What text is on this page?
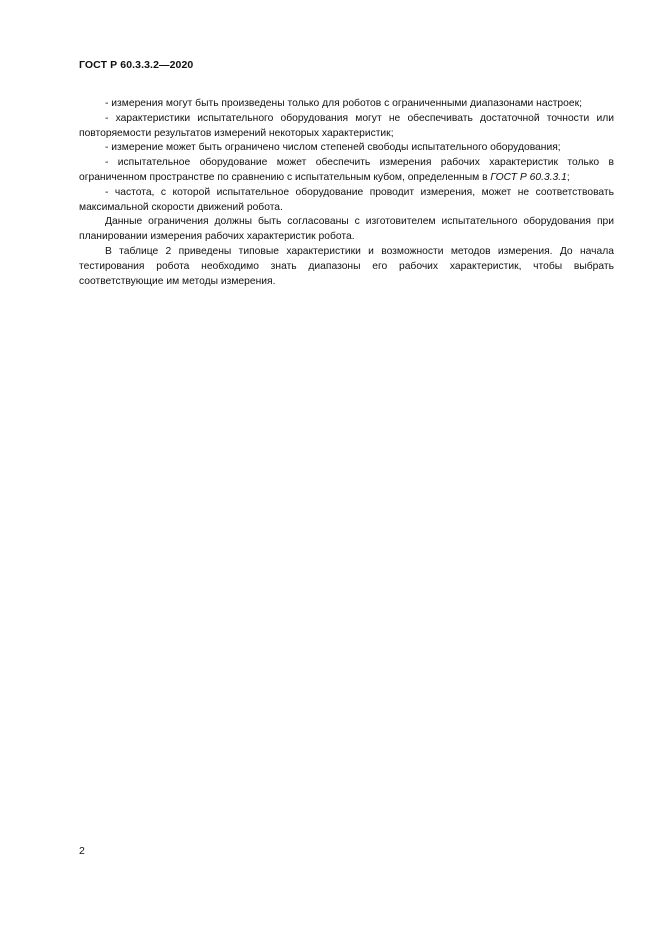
ГОСТ Р 60.3.3.2—2020

- измерения могут быть произведены только для роботов с ограниченными диапазонами настроек;

- характеристики испытательного оборудования могут не обеспечивать достаточной точности или повторяемости результатов измерений некоторых характеристик;

- измерение может быть ограничено числом степеней свободы испытательного оборудования;

- испытательное оборудование может обеспечить измерения рабочих характеристик только в ограниченном пространстве по сравнению с испытательным кубом, определенным в ГОСТ Р 60.3.3.1;

- частота, с которой испытательное оборудование проводит измерения, может не соответствовать максимальной скорости движений робота.

Данные ограничения должны быть согласованы с изготовителем испытательного оборудования при планировании измерения рабочих характеристик робота.

В таблице 2 приведены типовые характеристики и возможности методов измерения. До начала тестирования робота необходимо знать диапазоны его рабочих характеристик, чтобы выбрать соответствующие им методы измерения.

2
